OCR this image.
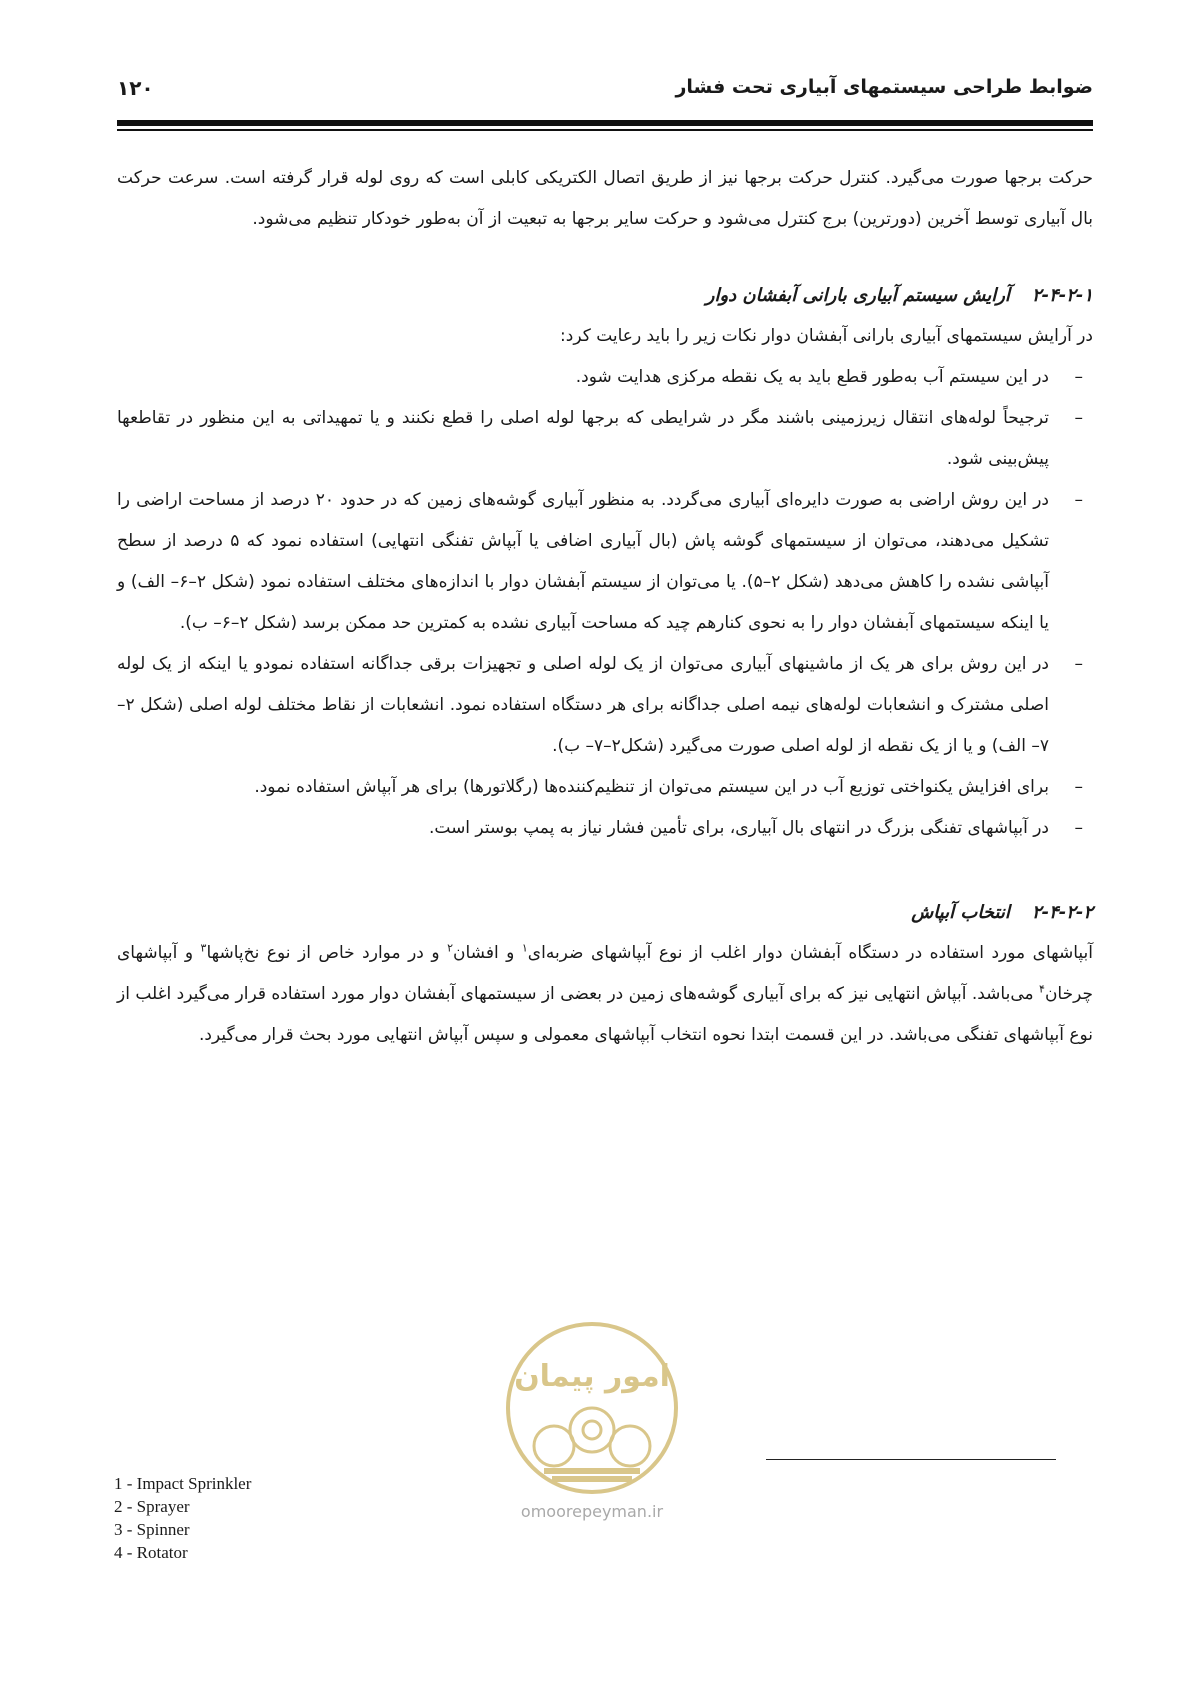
ضوابط طراحی سیستمهای آبیاری تحت فشار
۱۲۰

حرکت برجها صورت می‌گیرد. کنترل حرکت برجها نیز از طریق اتصال الکتریکی کابلی است که روی لوله قرار گرفته است. سرعت حرکت بال آبیاری توسط آخرین (دورترین) برج کنترل می‌شود و حرکت سایر برجها به تبعیت از آن به‌طور خودکار تنظیم می‌شود.

۲-۴-۲-۱آرایش سیستم آبیاری بارانی آبفشان دوار

در آرایش سیستمهای آبیاری بارانی آبفشان دوار نکات زیر را باید رعایت کرد:

–
در این سیستم آب به‌طور قطع باید به یک نقطه مرکزی هدایت شود.
–
ترجیحاً لوله‌های انتقال زیرزمینی باشند مگر در شرایطی که برجها لوله اصلی را قطع نکنند و یا تمهیداتی به این منظور در تقاطعها پیش‌بینی شود.
–
در این روش اراضی به صورت دایره‌ای آبیاری می‌گردد. به منظور آبیاری گوشه‌های زمین که در حدود ۲۰ درصد از مساحت اراضی را تشکیل می‌دهند، می‌توان از سیستمهای گوشه پاش (بال آبیاری اضافی یا آبپاش تفنگی انتهایی) استفاده نمود که ۵ درصد از سطح آبپاشی نشده را کاهش می‌دهد (شکل ۲–۵). یا می‌توان از سیستم آبفشان دوار با اندازه‌های مختلف استفاده نمود (شکل ۲–۶– الف) و یا اینکه سیستمهای آبفشان دوار را به نحوی کنارهم چید که مساحت آبیاری نشده به کمترین حد ممکن برسد (شکل ۲–۶– ب).
–
در این روش برای هر یک از ماشینهای آبیاری می‌توان از یک لوله اصلی و تجهیزات برقی جداگانه استفاده نمودو یا اینکه از یک لوله اصلی مشترک و انشعابات لوله‌های نیمه اصلی جداگانه برای هر دستگاه استفاده نمود. انشعابات از نقاط مختلف لوله اصلی (شکل ۲–۷– الف) و یا از یک نقطه از لوله اصلی صورت می‌گیرد (شکل۲–۷– ب).
–
برای افزایش یکنواختی توزیع آب در این سیستم می‌توان از تنظیم‌کننده‌ها (رگلاتورها) برای هر آبپاش استفاده نمود.
–
در آبپاشهای تفنگی بزرگ در انتهای بال آبیاری، برای تأمین فشار نیاز به پمپ بوستر است.
۲-۴-۲-۲انتخاب آبپاش

آبپاشهای مورد استفاده در دستگاه آبفشان دوار اغلب از نوع آبپاشهای ضربه‌ای$^۱$ و افشان$^۲$ و در موارد خاص از نوع نخ‌پاشها$^۳$ و آبپاشهای چرخان$^۴$ می‌باشد. آبپاش انتهایی نیز که برای آبیاری گوشه‌های زمین در بعضی از سیستمهای آبفشان دوار مورد استفاده قرار می‌گیرد اغلب از نوع آبپاشهای تفنگی می‌باشد. در این قسمت ابتدا نحوه انتخاب آبپاشهای معمولی و سپس آبپاش انتهایی مورد بحث قرار می‌گیرد.

امور پیمان
omoorepeyman.ir
1 - Impact Sprinkler
2 - Sprayer
3 - Spinner
4 - Rotator
